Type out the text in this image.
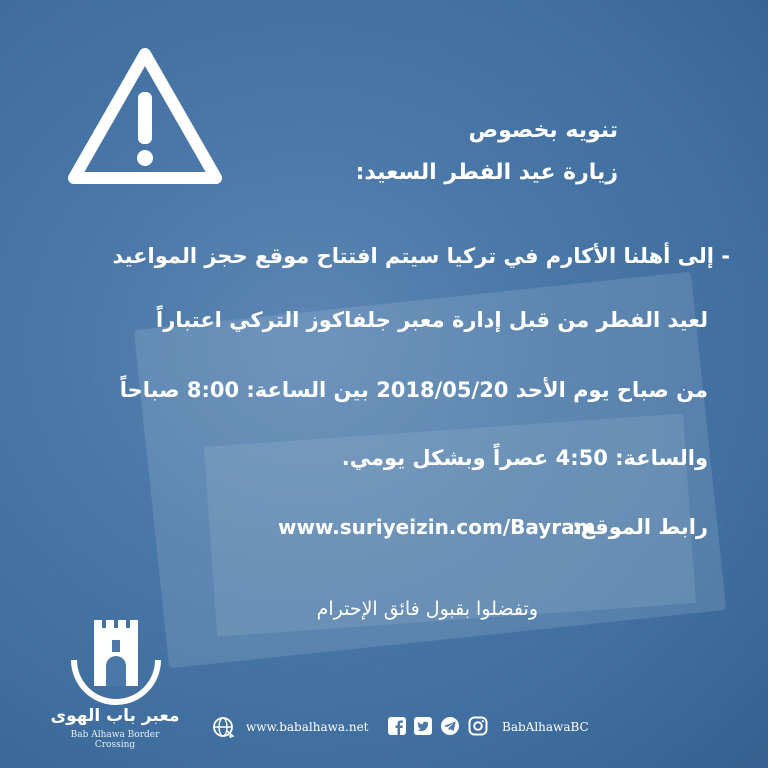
تنويه بخصوص
زيارة عيد الفطر السعيد:
- إلى أهلنا الأكارم في تركيا سيتم افتتاح موقع حجز المواعيد
لعيد الفطر من قبل إدارة معبر جلفاكوز التركي اعتباراً
من صباح يوم الأحد 2018/05/20 بين الساعة: 8:00 صباحاً
والساعة: 4:50 عصراً وبشكل يومي.
رابط الموقع:
www.suriyeizin.com/Bayram
وتفضلوا بقبول فائق الإحترام
معبر باب الهوى
Bab Alhawa Border Crossing
www.babalhawa.net	BabAlhawaBC
